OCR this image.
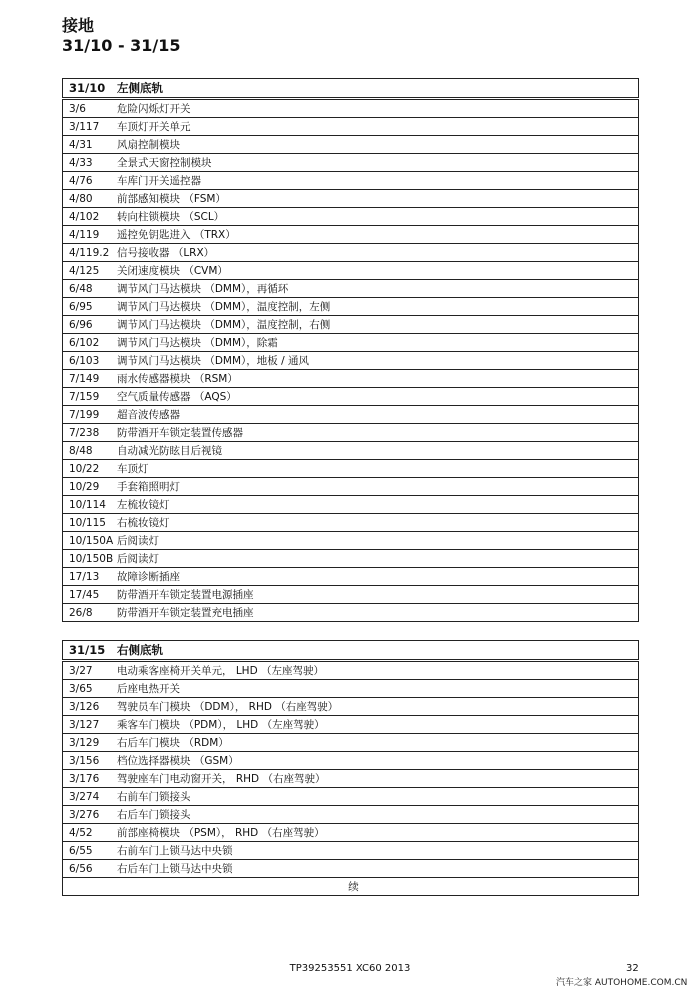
接地
31/10 - 31/15
31/10	左侧底轨
3/6	危险闪烁灯开关
3/117	车顶灯开关单元
4/31	风扇控制模块
4/33	全景式天窗控制模块
4/76	车库门开关遥控器
4/80	前部感知模块 （FSM）
4/102	转向柱锁模块 （SCL）
4/119	遥控免钥匙进入 （TRX）
4/119.2	信号接收器 （LRX）
4/125	关闭速度模块 （CVM）
6/48	调节风门马达模块 （DMM），再循环
6/95	调节风门马达模块 （DMM），温度控制，左侧
6/96	调节风门马达模块 （DMM），温度控制，右侧
6/102	调节风门马达模块 （DMM），除霜
6/103	调节风门马达模块 （DMM），地板 / 通风
7/149	雨水传感器模块 （RSM）
7/159	空气质量传感器 （AQS）
7/199	超音波传感器
7/238	防带酒开车锁定装置传感器
8/48	自动减光防眩目后视镜
10/22	车顶灯
10/29	手套箱照明灯
10/114	左梳妆镜灯
10/115	右梳妆镜灯
10/150A	后阅读灯
10/150B	后阅读灯
17/13	故障诊断插座
17/45	防带酒开车锁定装置电源插座
26/8	防带酒开车锁定装置充电插座
31/15	右侧底轨
3/27	电动乘客座椅开关单元， LHD （左座驾驶）
3/65	后座电热开关
3/126	驾驶员车门模块 （DDM）， RHD （右座驾驶）
3/127	乘客车门模块 （PDM）， LHD （左座驾驶）
3/129	右后车门模块 （RDM）
3/156	档位选择器模块 （GSM）
3/176	驾驶座车门电动窗开关， RHD （右座驾驶）
3/274	右前车门锁接头
3/276	右后车门锁接头
4/52	前部座椅模块 （PSM）， RHD （右座驾驶）
6/55	右前车门上锁马达中央锁
6/56	右后车门上锁马达中央锁
续	
TP39253551 XC60 2013	32
汽车之家 AUTOHOME.COM.CN
